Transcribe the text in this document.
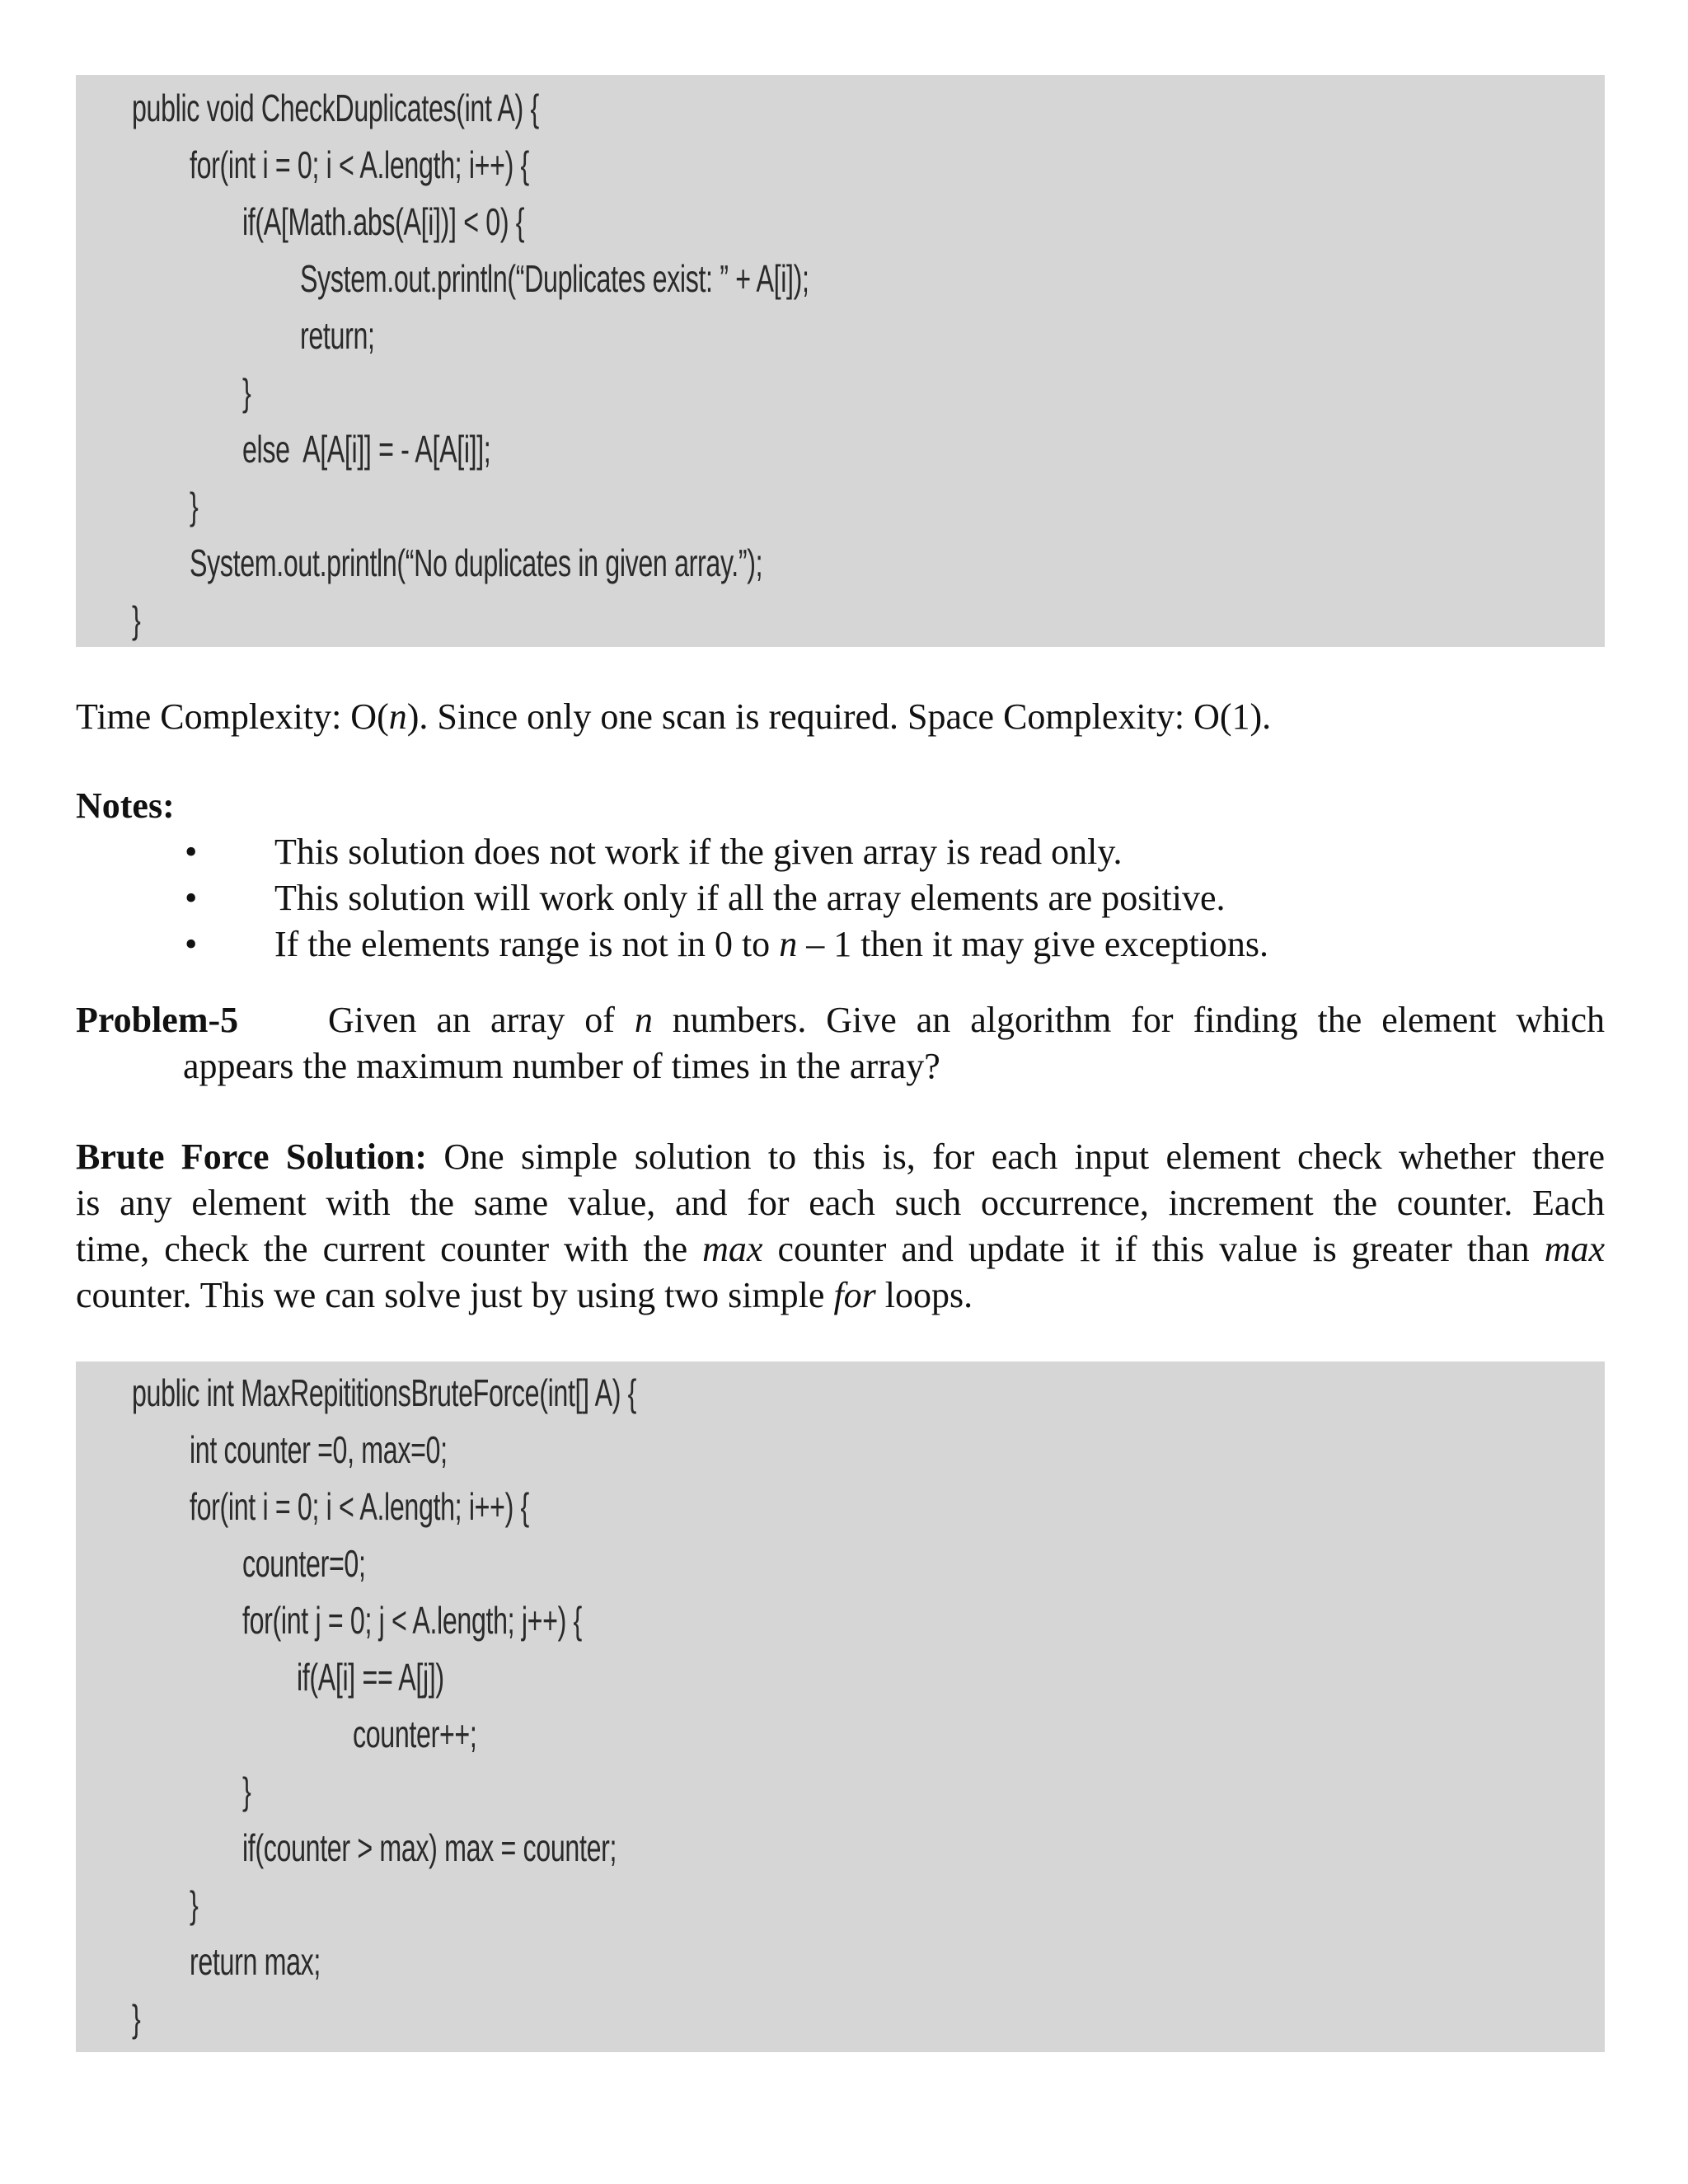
public void CheckDuplicates(int A) {
for(int i = 0; i < A.length; i++) {
if(A[Math.abs(A[i])] < 0) {
System.out.println(“Duplicates exist: ” + A[i]);
return;
}
else  A[A[i]] = - A[A[i]];
}
System.out.println(“No duplicates in given array.”);
}
Time Complexity: O(n). Since only one scan is required. Space Complexity: O(1).
Notes:
• This solution does not work if the given array is read only.
• This solution will work only if all the array elements are positive.
• If the elements range is not in 0 to n – 1 then it may give exceptions.
Problem-5 Given an array of n numbers. Give an algorithm for finding the element which
appears the maximum number of times in the array?
Brute Force Solution: One simple solution to this is, for each input element check whether there
is any element with the same value, and for each such occurrence, increment the counter. Each
time, check the current counter with the max counter and update it if this value is greater than max
counter. This we can solve just by using two simple for loops.
public int MaxRepititionsBruteForce(int[] A) {
int counter =0, max=0;
for(int i = 0; i < A.length; i++) {
counter=0;
for(int j = 0; j < A.length; j++) {
if(A[i] == A[j])
counter++;
}
if(counter > max) max = counter;
}
return max;
}
